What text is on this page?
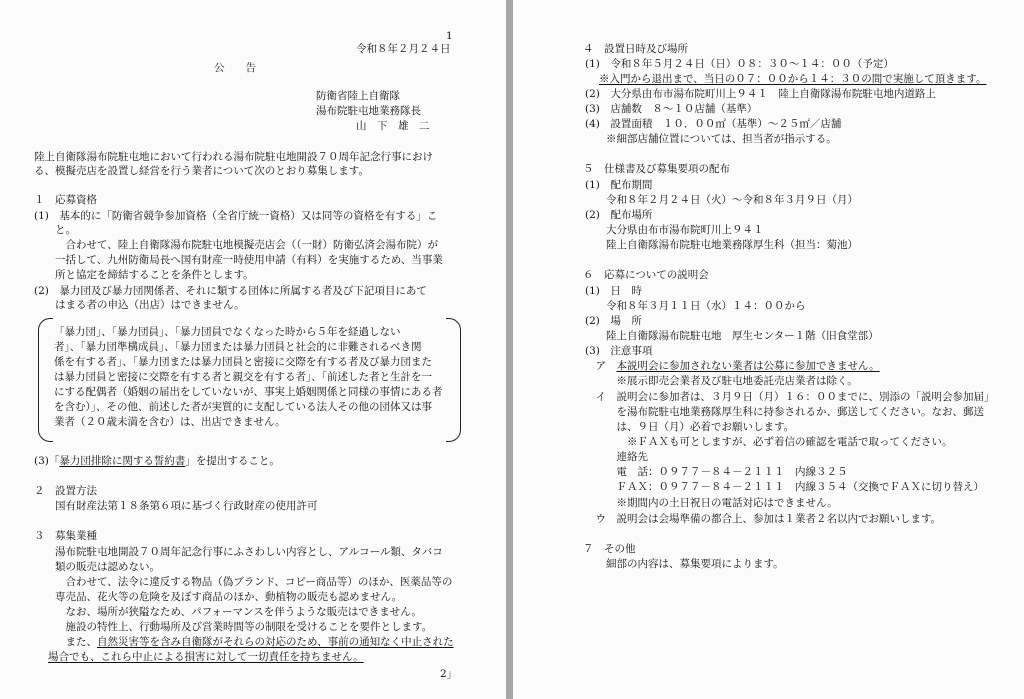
1
令和８年２月２４日
公　　告
防衛省陸上自衛隊
湯布院駐屯地業務隊長
山　下　雄　二
陸上自衛隊湯布院駐屯地において行われる湯布院駐屯地開設７０周年記念行事におけ
る、模擬売店を設置し経営を行う業者について次のとおり募集します。
１　応募資格
(1)　基本的に「防衛省競争参加資格（全省庁統一資格）又は同等の資格を有する」こ
　　と。
　　　合わせて、陸上自衛隊湯布院駐屯地模擬売店会（（一財）防衛弘済会湯布院）が
　　一括して、九州防衛局長へ国有財産一時使用申請（有料）を実施するため、当事業
　　所と協定を締結することを条件とします。
(2)　暴力団及び暴力団関係者、それに類する団体に所属する者及び下記項目にあて
　　はまる者の申込（出店）はできません。
「暴力団」、「暴力団員」、「暴力団員でなくなった時から５年を経過しない
者」、「暴力団準構成員」、「暴力団または暴力団員と社会的に非難されるべき関
係を有する者」、「暴力団または暴力団員と密接に交際を有する者及び暴力団また
は暴力団員と密接に交際を有する者と親交を有する者」、「前述した者と生計を一
にする配偶者（婚姻の届出をしていないが、事実上婚姻関係と同様の事情にある者
を含む）」、その他、前述した者が実質的に支配している法人その他の団体又は事
業者（２０歳未満を含む）は、出店できません。
(3)「暴力団排除に関する誓約書」を提出すること。
２　設置方法
　　国有財産法第１８条第６項に基づく行政財産の使用許可
３　募集業種
　　湯布院駐屯地開設７０周年記念行事にふさわしい内容とし、アルコール類、タバコ
　　類の販売は認めない。
　　　合わせて、法令に違反する物品（偽ブランド、コピー商品等）のほか、医薬品等の
　　専売品、花火等の危険を及ぼす商品のほか、動植物の販売も認めません。
　　　なお、場所が狭隘なため、パフォーマンスを伴うような販売はできません。
　　　施設の特性上、行動場所及び営業時間等の制限を受けることを要件とします。
　　　また、自然災害等を含み自衛隊がそれらの対応のため、事前の通知なく中止された
場合でも、これら中止による損害に対して一切責任を持ちません。
2」
４　設置日時及び場所
(1)　令和８年５月２４日（日）０８：３０～１４：００（予定）
※入門から退出まで、当日の０７：００から１４：３０の間で実施して頂きます。
(2)　大分県由布市湯布院町川上９４１　陸上自衛隊湯布院駐屯地内道路上
(3)　店舗数　８～１０店舗（基準）
(4)　設置面積　１０．００㎡（基準）～２５㎡／店舗
　　※細部店舗位置については、担当者が指示する。
５　仕様書及び募集要項の配布
(1)　配布期間
　　令和８年２月２４日（火）～令和８年３月９日（月）
(2)　配布場所
　　大分県由布市湯布院町川上９４１
　　陸上自衛隊湯布院駐屯地業務隊厚生科（担当：菊池）
６　応募についての説明会
(1)　日　時
　　令和８年３月１１日（水）１４：００から
(2)　場　所
　　陸上自衛隊湯布院駐屯地　厚生センター１階（旧食堂部）
(3)　注意事項
　ア　本説明会に参加されない業者は公募に参加できません。
　　　※展示即売会業者及び駐屯地委託売店業者は除く。
　イ　説明会に参加者は、３月９日（月）１６：００までに、別添の「説明会参加届」
　　　を湯布院駐屯地業務隊厚生科に持参されるか、郵送してください。なお、郵送
　　　は、９日（月）必着でお願いします。
　　　　※ＦＡＸも可としますが、必ず着信の確認を電話で取ってください。
　　　連絡先
　　　電　話：０９７７－８４－２１１１　内線３２５
　　　ＦＡＸ：０９７７－８４－２１１１　内線３５４（交換でＦＡＸに切り替え）
　　　※期間内の土日祝日の電話対応はできません。
　ウ　説明会は会場準備の都合上、参加は１業者２名以内でお願いします。
７　その他
　　細部の内容は、募集要項によります。
